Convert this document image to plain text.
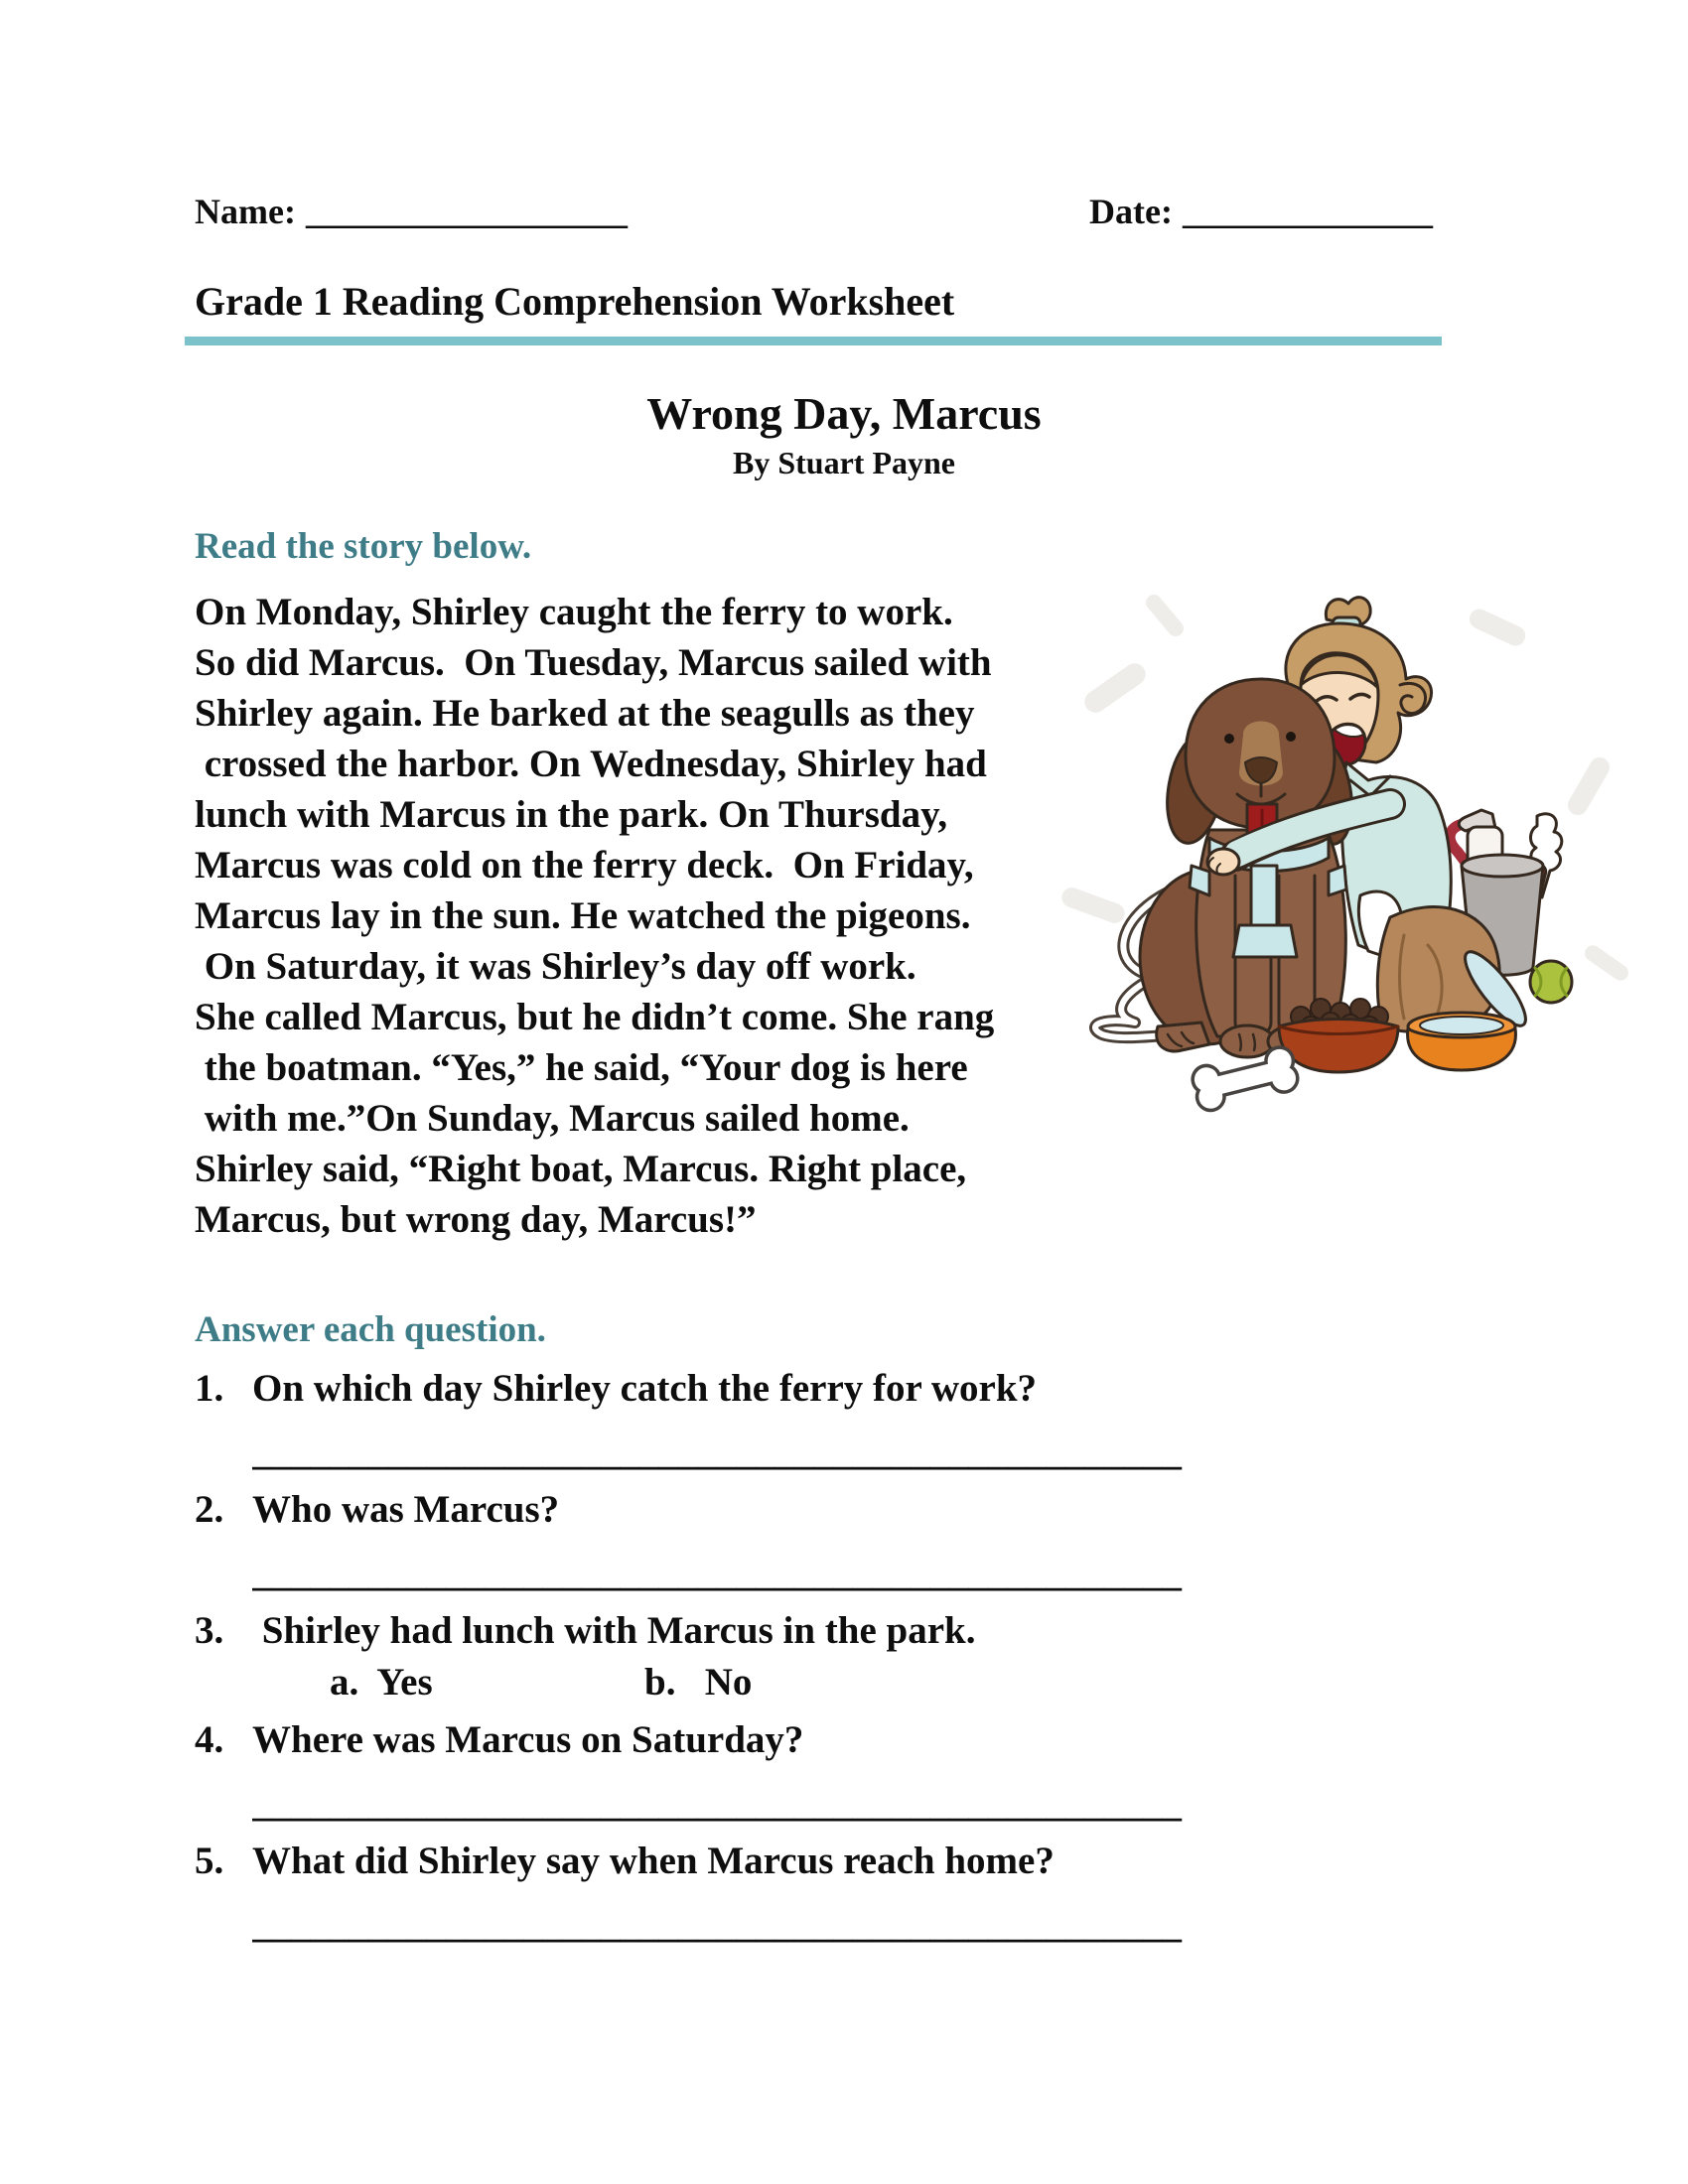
Name: __________________	Date: ______________
Grade 1 Reading Comprehension Worksheet
Wrong Day, Marcus
By Stuart Payne
Read the story below.
On Monday, Shirley caught the ferry to work.
So did Marcus.  On Tuesday, Marcus sailed with
Shirley again. He barked at the seagulls as they
crossed the harbor. On Wednesday, Shirley had
lunch with Marcus in the park. On Thursday,
Marcus was cold on the ferry deck.  On Friday,
Marcus lay in the sun. He watched the pigeons.
On Saturday, it was Shirley’s day off work.
She called Marcus, but he didn’t come. She rang
the boatman. “Yes,” he said, “Your dog is here
with me.”On Sunday, Marcus sailed home.
Shirley said, “Right boat, Marcus. Right place,
Marcus, but wrong day, Marcus!”
Answer each question.
1. On which day Shirley catch the ferry for work?
________________________________________________
2. Who was Marcus?
________________________________________________
3. Shirley had lunch with Marcus in the park.
a.  Yes	b.   No
4. Where was Marcus on Saturday?
________________________________________________
5. What did Shirley say when Marcus reach home?
________________________________________________
